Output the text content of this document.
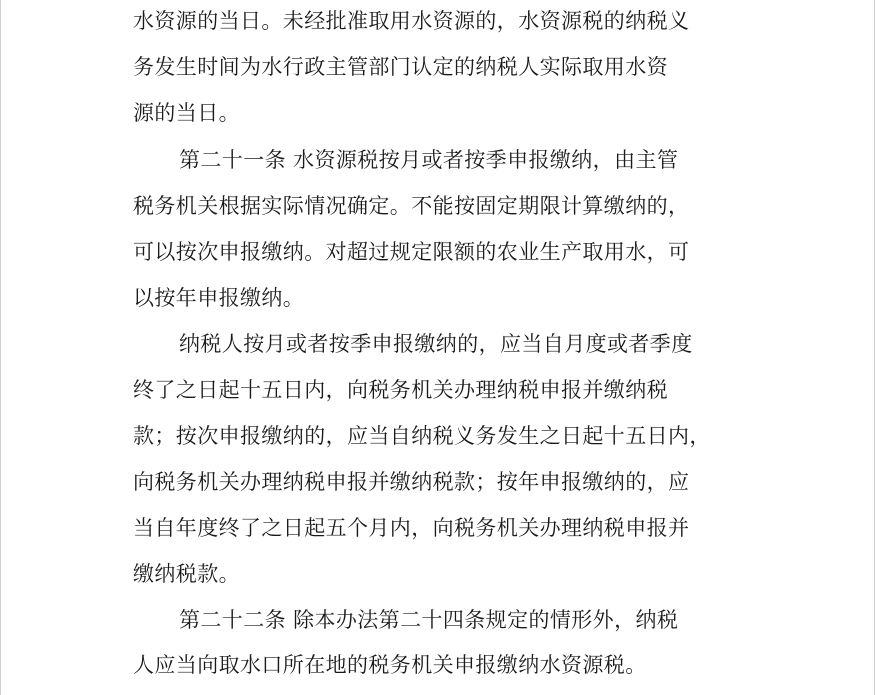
水资源的当日。未经批准取用水资源的，水资源税的纳税义
务发生时间为水行政主管部门认定的纳税人实际取用水资
源的当日。
第二十一条 水资源税按月或者按季申报缴纳，由主管
税务机关根据实际情况确定。不能按固定期限计算缴纳的，
可以按次申报缴纳。对超过规定限额的农业生产取用水，可
以按年申报缴纳。
纳税人按月或者按季申报缴纳的，应当自月度或者季度
终了之日起十五日内，向税务机关办理纳税申报并缴纳税
款；按次申报缴纳的，应当自纳税义务发生之日起十五日内，
向税务机关办理纳税申报并缴纳税款；按年申报缴纳的，应
当自年度终了之日起五个月内，向税务机关办理纳税申报并
缴纳税款。
第二十二条 除本办法第二十四条规定的情形外，纳税
人应当向取水口所在地的税务机关申报缴纳水资源税。
